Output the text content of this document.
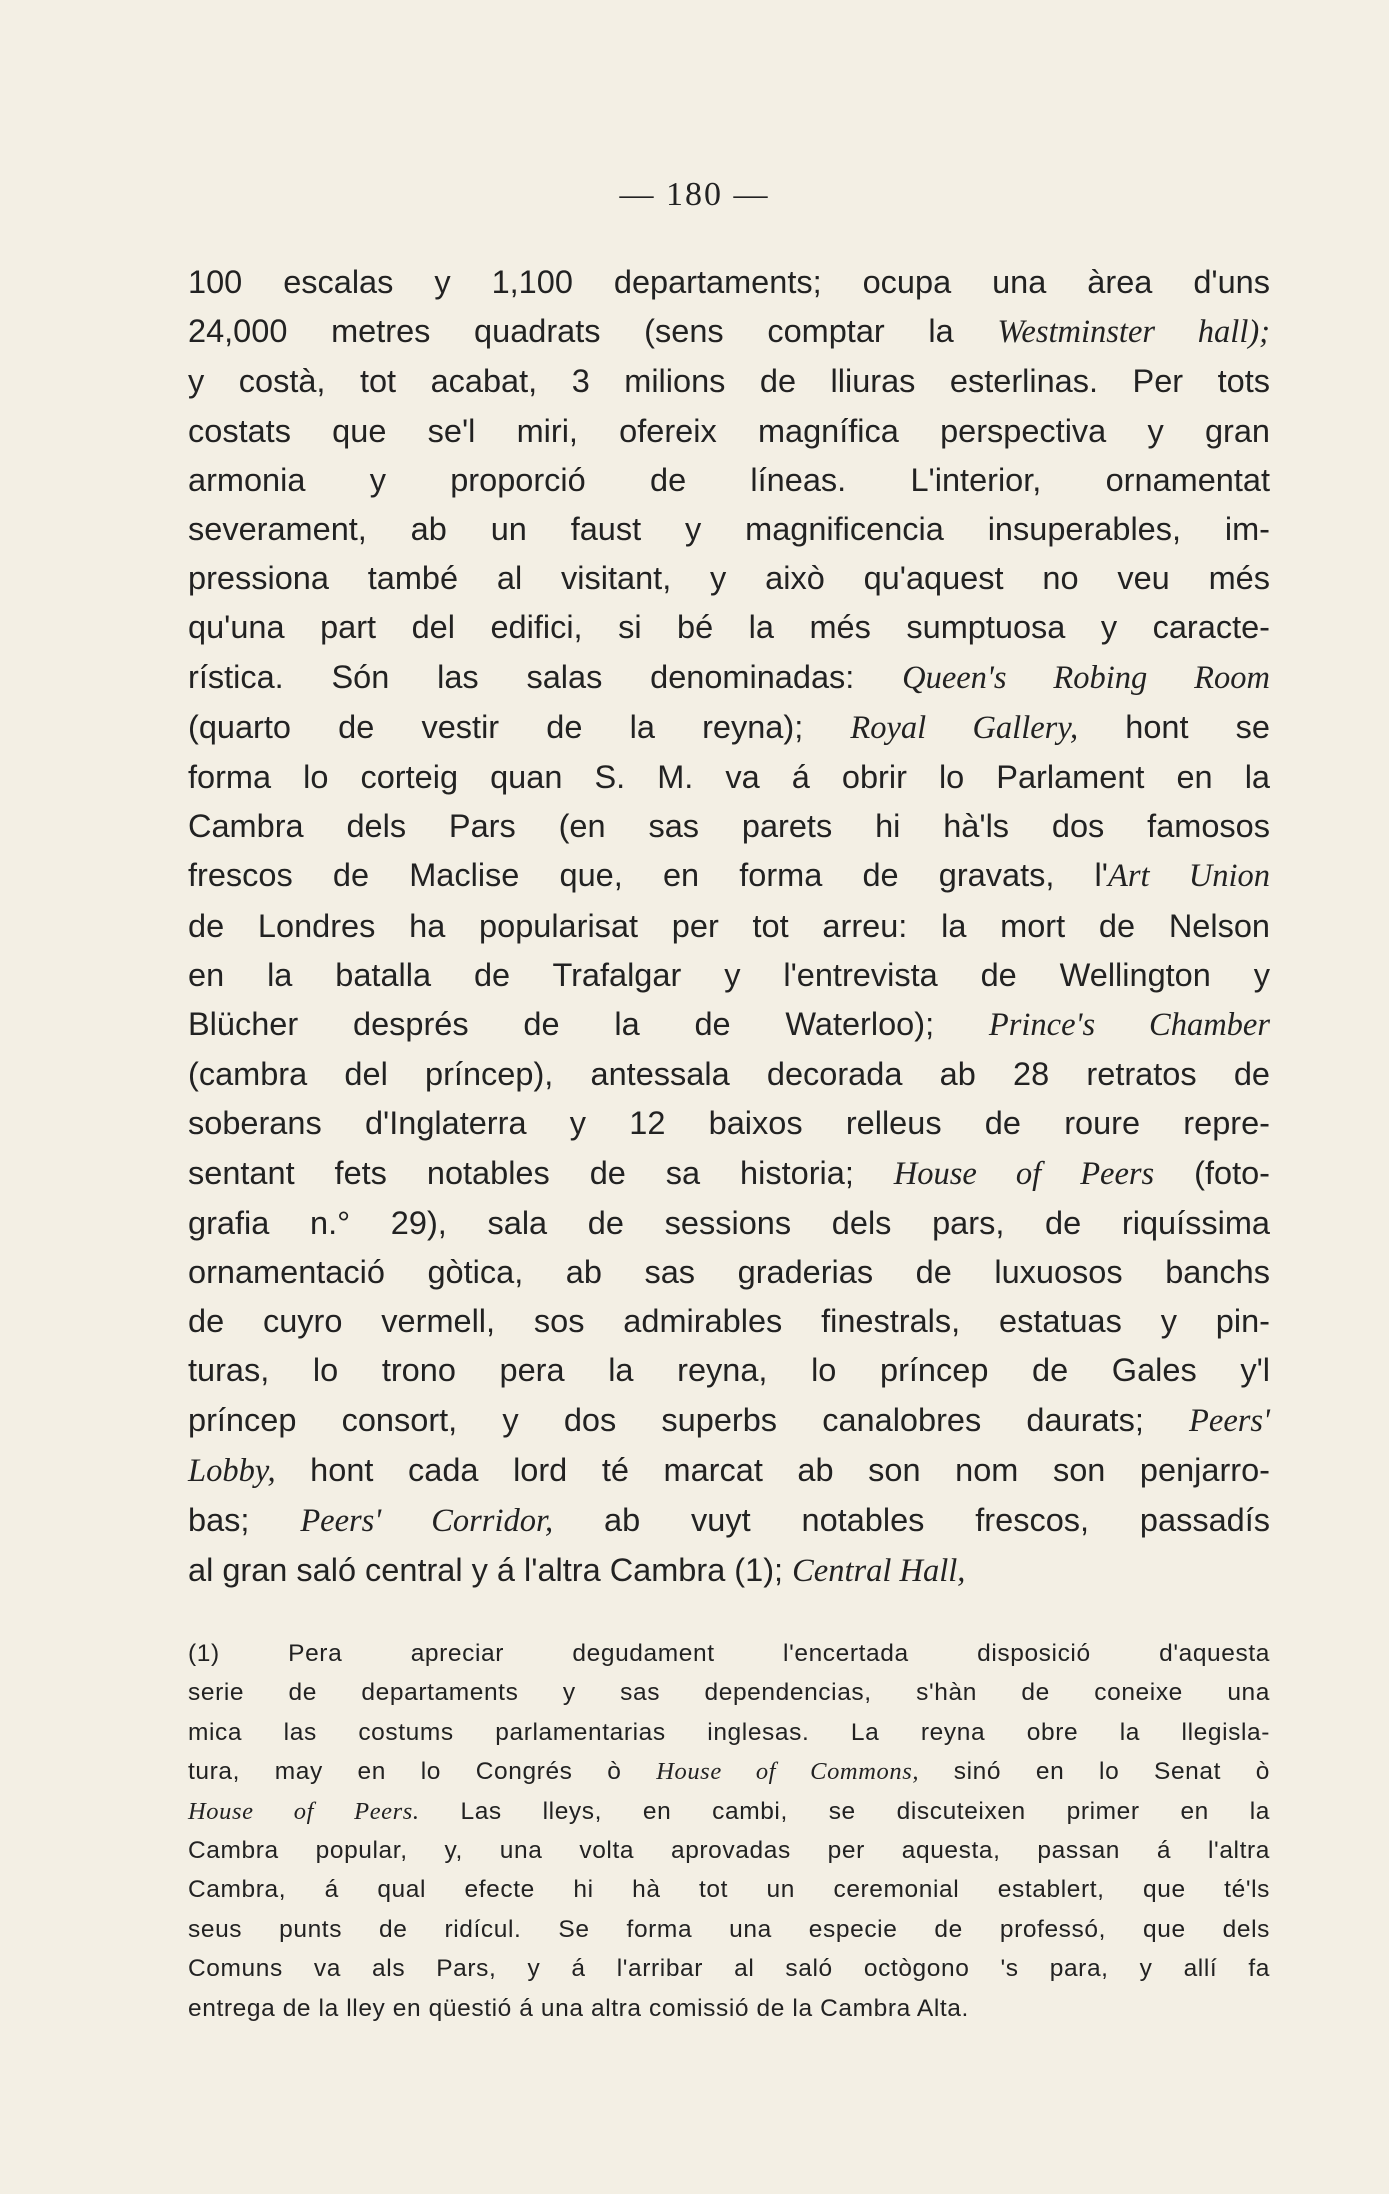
— 180 —
100 escalas y 1,100 departaments; ocupa una àrea d'uns
24,000 metres quadrats (sens comptar la Westminster hall);
y costà, tot acabat, 3 milions de lliuras esterlinas. Per tots
costats que se'l miri, ofereix magnífica perspectiva y gran
armonia y proporció de líneas. L'interior, ornamentat
severament, ab un faust y magnificencia insuperables, im-
pressiona també al visitant, y això qu'aquest no veu més
qu'una part del edifici, si bé la més sumptuosa y caracte-
rística. Són las salas denominadas: Queen's Robing Room
(quarto de vestir de la reyna); Royal Gallery, hont se
forma lo corteig quan S. M. va á obrir lo Parlament en la
Cambra dels Pars (en sas parets hi hà'ls dos famosos
frescos de Maclise que, en forma de gravats, l'Art Union
de Londres ha popularisat per tot arreu: la mort de Nelson
en la batalla de Trafalgar y l'entrevista de Wellington y
Blücher després de la de Waterloo); Prince's Chamber
(cambra del príncep), antessala decorada ab 28 retratos de
soberans d'Inglaterra y 12 baixos relleus de roure repre-
sentant fets notables de sa historia; House of Peers (foto-
grafia n.° 29), sala de sessions dels pars, de riquíssima
ornamentació gòtica, ab sas graderias de luxuosos banchs
de cuyro vermell, sos admirables finestrals, estatuas y pin-
turas, lo trono pera la reyna, lo príncep de Gales y'l
príncep consort, y dos superbs canalobres daurats; Peers'
Lobby, hont cada lord té marcat ab son nom son penjarro-
bas; Peers' Corridor, ab vuyt notables frescos, passadís
al gran saló central y á l'altra Cambra (1); Central Hall,
(1) Pera apreciar degudament l'encertada disposició d'aquesta
serie de departaments y sas dependencias, s'hàn de coneixe una
mica las costums parlamentarias inglesas. La reyna obre la llegisla-
tura, may en lo Congrés ò House of Commons, sinó en lo Senat ò
House of Peers. Las lleys, en cambi, se discuteixen primer en la
Cambra popular, y, una volta aprovadas per aquesta, passan á l'altra
Cambra, á qual efecte hi hà tot un ceremonial establert, que té'ls
seus punts de ridícul. Se forma una especie de professó, que dels
Comuns va als Pars, y á l'arribar al saló octògono 's para, y allí fa
entrega de la lley en qüestió á una altra comissió de la Cambra Alta.
